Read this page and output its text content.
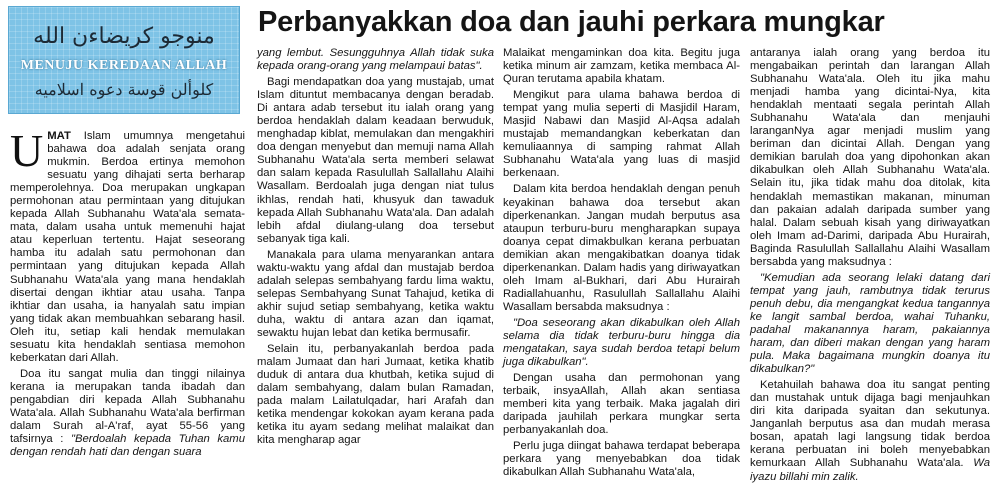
منوجو كريضاءن الله
MENUJU KEREDAAN ALLAH
كلوألن قوسة دعوه اسلاميه
Perbanyakkan doa dan jauhi perkara mungkar

UMAT Islam umumnya mengetahui bahawa doa adalah senjata orang mukmin. Berdoa ertinya memohon sesuatu yang dihajati serta berharap memperolehnya. Doa merupakan ungkapan permohonan atau permintaan yang ditujukan kepada Allah Subhanahu Wata'ala semata-mata, dalam usaha untuk memenuhi hajat atau keperluan tertentu. Hajat seseorang hamba itu adalah satu permohonan dan permintaan yang ditujukan kepada Allah Subhanahu Wata'ala yang mana hendaklah disertai dengan ikhtiar atau usaha. Tanpa ikhtiar dan usaha, ia hanyalah satu impian yang tidak akan membuahkan sebarang hasil. Oleh itu, setiap kali hendak memulakan sesuatu kita hendaklah sentiasa memohon keberkatan dari Allah.

Doa itu sangat mulia dan tinggi nilainya kerana ia merupakan tanda ibadah dan pengabdian diri kepada Allah Subhanahu Wata'ala. Allah Subhanahu Wata'ala berfirman dalam Surah al-A'raf, ayat 55-56 yang tafsirnya : "Berdoalah kepada Tuhan kamu dengan rendah hati dan dengan suara

yang lembut. Sesungguhnya Allah tidak suka kepada orang-orang yang melampaui batas".

Bagi mendapatkan doa yang mustajab, umat Islam dituntut membacanya dengan beradab. Di antara adab tersebut itu ialah orang yang berdoa hendaklah dalam keadaan berwuduk, menghadap kiblat, memulakan dan mengakhiri doa dengan menyebut dan memuji nama Allah Subhanahu Wata'ala serta memberi selawat dan salam kepada Rasulullah Sallallahu Alaihi Wasallam. Berdoalah juga dengan niat tulus ikhlas, rendah hati, khusyuk dan tawaduk kepada Allah Subhanahu Wata'ala. Dan adalah lebih afdal diulang-ulang doa tersebut sebanyak tiga kali.

Manakala para ulama menyarankan antara waktu-waktu yang afdal dan mustajab berdoa adalah selepas sembahyang fardu lima waktu, selepas Sembahyang Sunat Tahajud, ketika di akhir sujud setiap sembahyang, ketika waktu duha, waktu di antara azan dan iqamat, sewaktu hujan lebat dan ketika bermusafir.

Selain itu, perbanyakanlah berdoa pada malam Jumaat dan hari Jumaat, ketika khatib duduk di antara dua khutbah, ketika sujud di dalam sembahyang, dalam bulan Ramadan, pada malam Lailatulqadar, hari Arafah dan ketika mendengar kokokan ayam kerana pada ketika itu ayam sedang melihat malaikat dan kita mengharap agar

Malaikat mengaminkan doa kita. Begitu juga ketika minum air zamzam, ketika membaca Al-Quran terutama apabila khatam.

Mengikut para ulama bahawa berdoa di tempat yang mulia seperti di Masjidil Haram, Masjid Nabawi dan Masjid Al-Aqsa adalah mustajab memandangkan keberkatan dan kemuliaannya di samping rahmat Allah Subhanahu Wata'ala yang luas di masjid berkenaan.

Dalam kita berdoa hendaklah dengan penuh keyakinan bahawa doa tersebut akan diperkenankan. Jangan mudah berputus asa ataupun terburu-buru mengharapkan supaya doanya cepat dimakbulkan kerana perbuatan demikian akan mengakibatkan doanya tidak diperkenankan. Dalam hadis yang diriwayatkan oleh Imam al-Bukhari, dari Abu Hurairah Radiallahuanhu, Rasulullah Sallallahu Alaihi Wasallam bersabda maksudnya :

"Doa seseorang akan dikabulkan oleh Allah selama dia tidak terburu-buru hingga dia mengatakan, saya sudah berdoa tetapi belum juga dikabulkan".

Dengan usaha dan permohonan yang terbaik, insyaAllah, Allah akan sentiasa memberi kita yang terbaik. Maka jagalah diri daripada jauhilah perkara mungkar serta perbanyakanlah doa.

Perlu juga diingat bahawa terdapat beberapa perkara yang menyebabkan doa tidak dikabulkan Allah Subhanahu Wata'ala,

antaranya ialah orang yang berdoa itu mengabaikan perintah dan larangan Allah Subhanahu Wata'ala. Oleh itu jika mahu menjadi hamba yang dicintai-Nya, kita hendaklah mentaati segala perintah Allah Subhanahu Wata'ala dan menjauhi laranganNya agar menjadi muslim yang beriman dan dicintai Allah. Dengan yang demikian barulah doa yang dipohonkan akan dikabulkan oleh Allah Subhanahu Wata'ala. Selain itu, jika tidak mahu doa ditolak, kita hendaklah memastikan makanan, minuman dan pakaian adalah daripada sumber yang halal. Dalam sebuah kisah yang diriwayatkan oleh Imam ad-Darimi, daripada Abu Hurairah, Baginda Rasulullah Sallallahu Alaihi Wasallam bersabda yang maksudnya :

"Kemudian ada seorang lelaki datang dari tempat yang jauh, rambutnya tidak terurus penuh debu, dia mengangkat kedua tangannya ke langit sambal berdoa, wahai Tuhanku, padahal makanannya haram, pakaiannya haram, dan diberi makan dengan yang haram pula. Maka bagaimana mungkin doanya itu dikabulkan?"

Ketahuilah bahawa doa itu sangat penting dan mustahak untuk dijaga bagi menjauhkan diri kita daripada syaitan dan sekutunya. Janganlah berputus asa dan mudah merasa bosan, apatah lagi langsung tidak berdoa kerana perbuatan ini boleh menyebabkan kemurkaan Allah Subhanahu Wata'ala. Wa iyazu billahi min zalik.
